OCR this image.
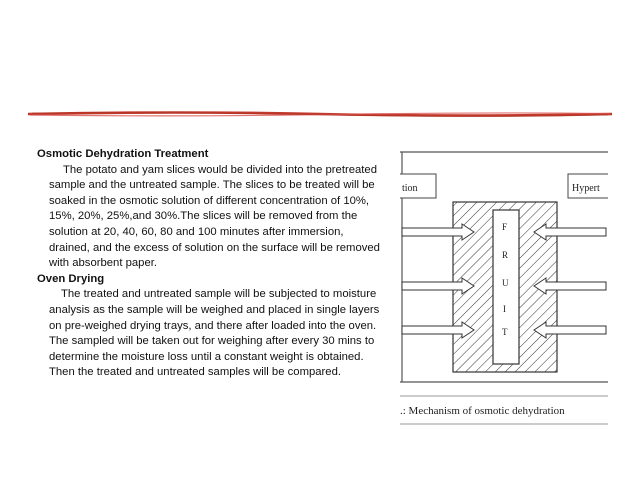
Osmotic Dehydration Treatment

The potato and yam slices would be divided into the pretreated sample and the untreated sample. The slices to be treated will be soaked in the osmotic solution of different concentration of 10%, 15%, 20%, 25%,and 30%.The slices will be removed from the solution at 20, 40, 60, 80 and 100 minutes after immersion, drained, and the excess of solution on the surface will be removed with absorbent paper.

Oven Drying

The treated and untreated sample will be subjected to moisture analysis as the sample will be weighed and placed in single layers on pre-weighed drying trays, and there after loaded into the oven. The sampled will be taken out for weighing after every 30 mins to determine the moisture loss until a constant weight is obtained. Then the treated and untreated samples will be compared.

tion	Hypert
F
R
U
I
T
.: Mechanism of osmotic dehydration
